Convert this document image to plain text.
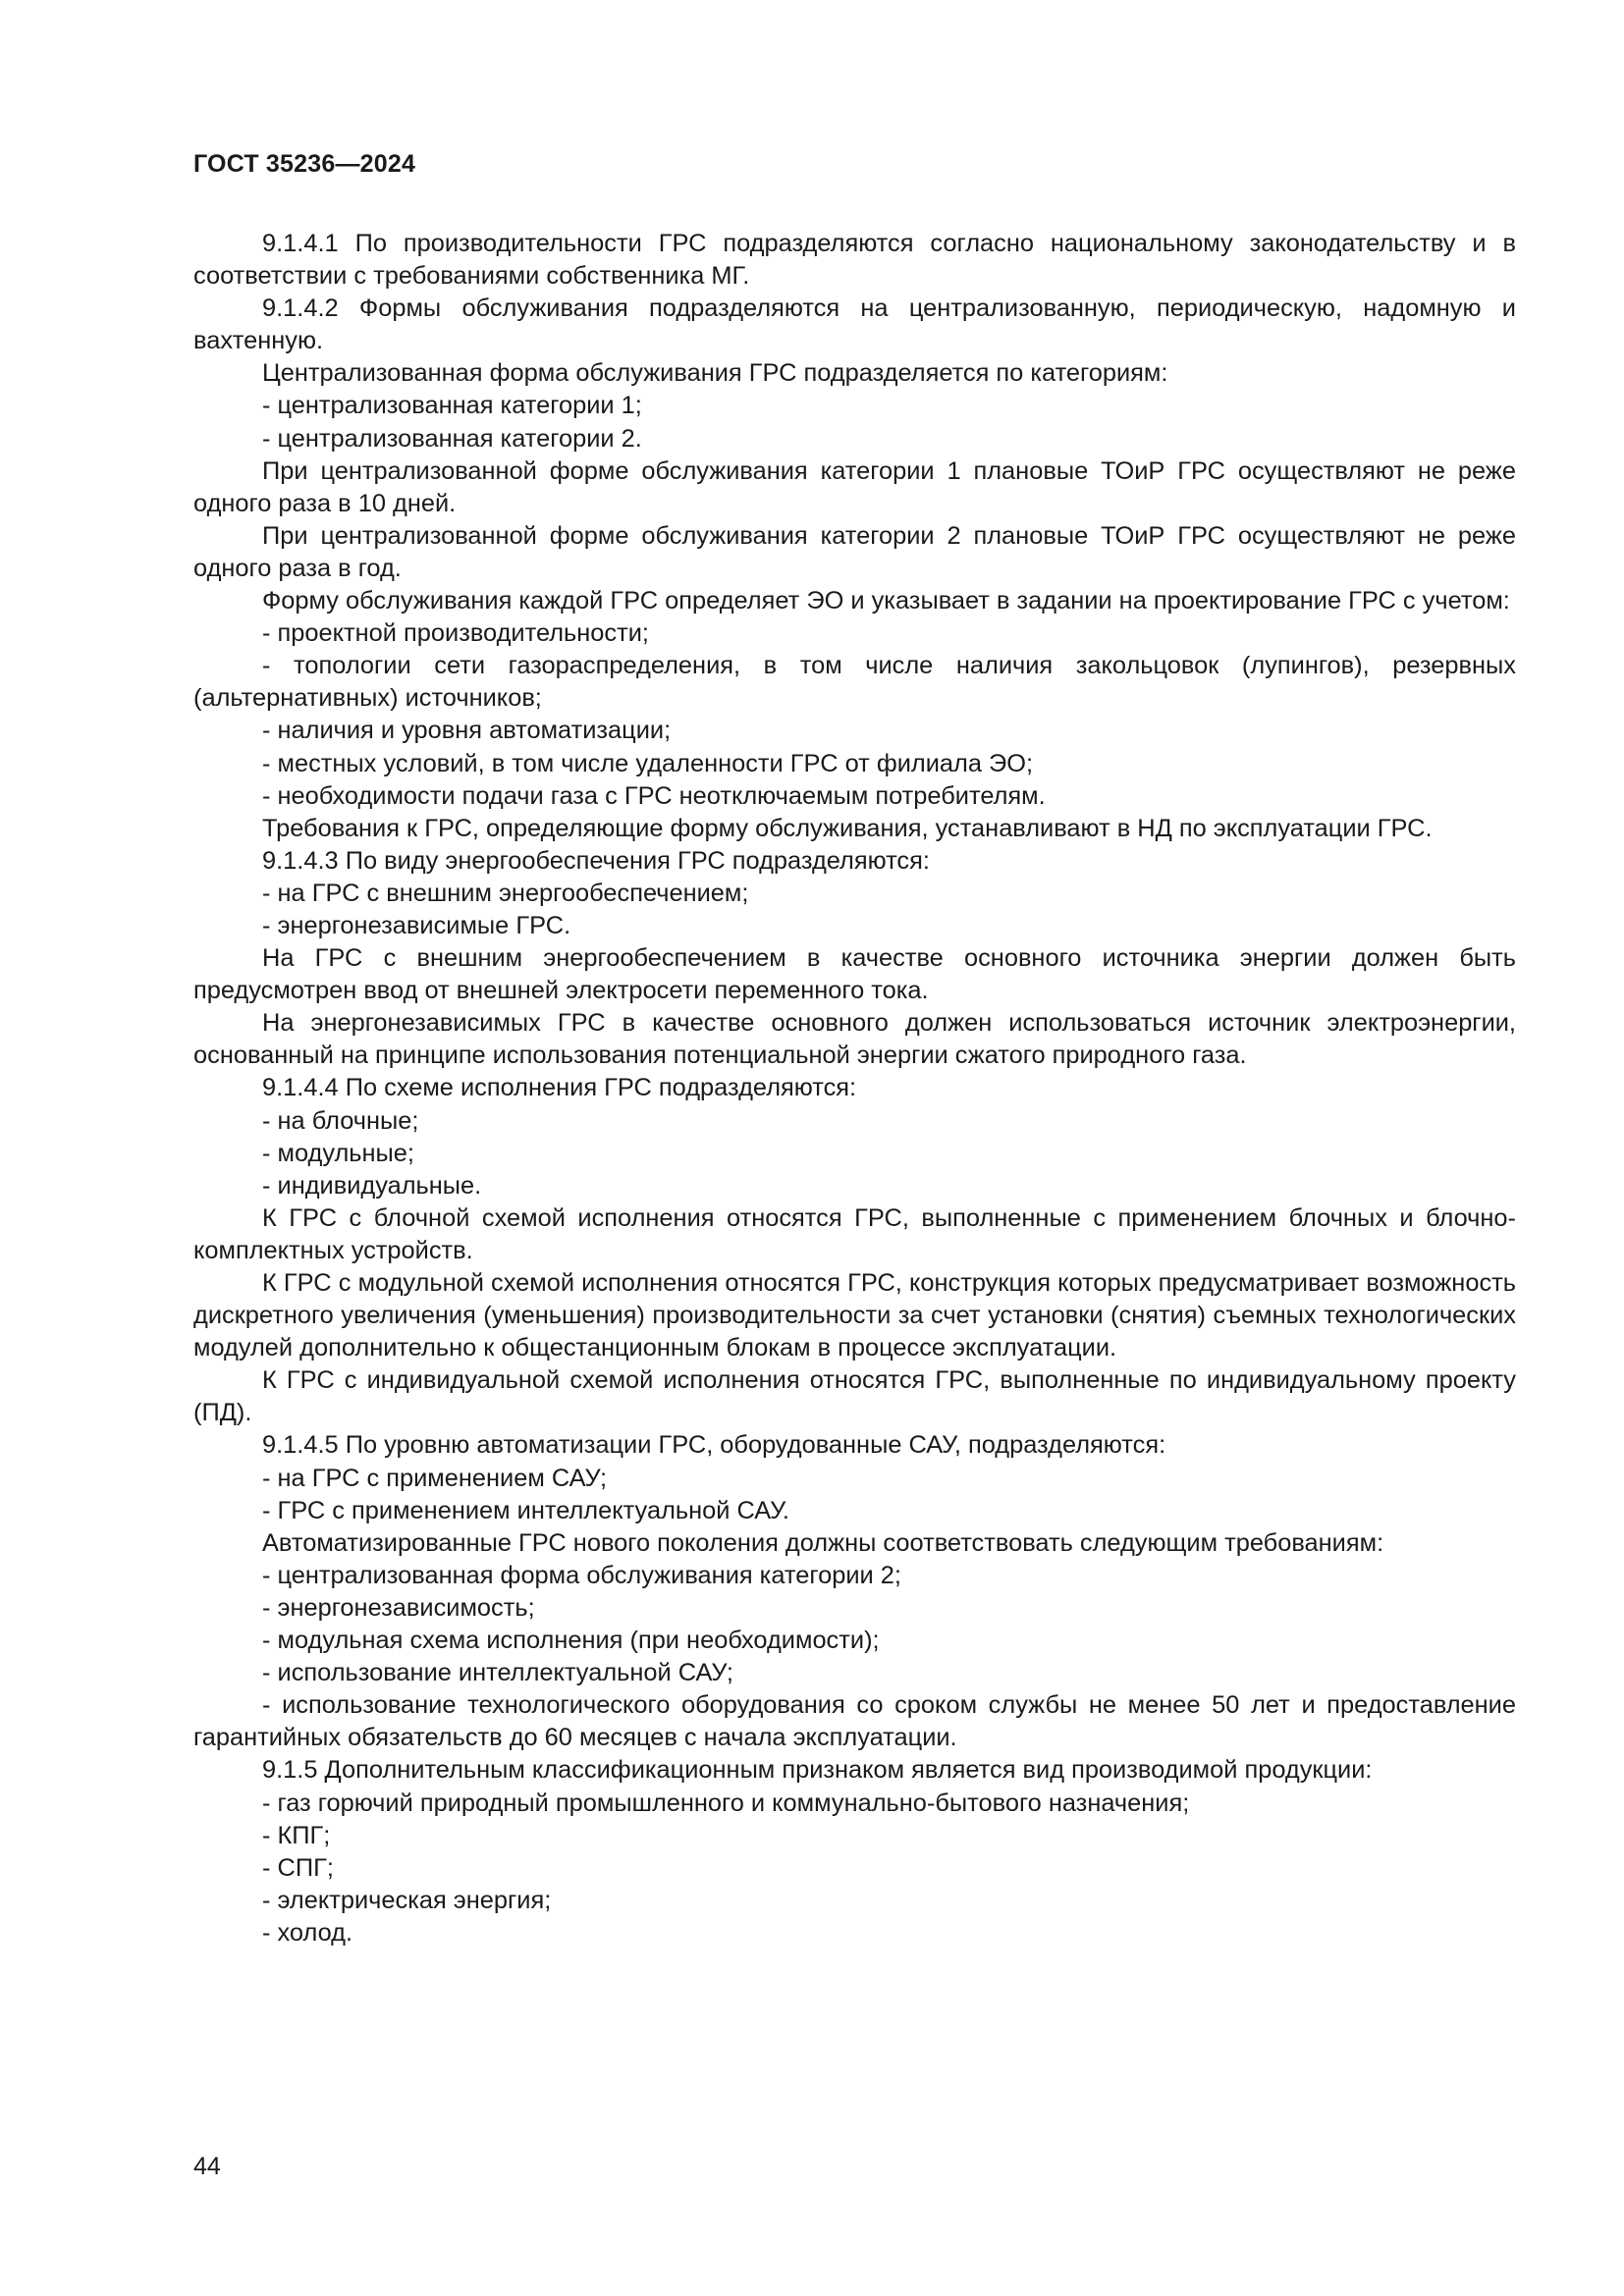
ГОСТ 35236—2024

9.1.4.1 По производительности ГРС подразделяются согласно национальному законодательству и в соответствии с требованиями собственника МГ.

9.1.4.2 Формы обслуживания подразделяются на централизованную, периодическую, надомную и вахтенную.

Централизованная форма обслуживания ГРС подразделяется по категориям:

- централизованная категории 1;

- централизованная категории 2.

При централизованной форме обслуживания категории 1 плановые ТОиР ГРС осуществляют не реже одного раза в 10 дней.

При централизованной форме обслуживания категории 2 плановые ТОиР ГРС осуществляют не реже одного раза в год.

Форму обслуживания каждой ГРС определяет ЭО и указывает в задании на проектирование ГРС с учетом:

- проектной производительности;

- топологии сети газораспределения, в том числе наличия закольцовок (лупингов), резервных (альтернативных) источников;

- наличия и уровня автоматизации;

- местных условий, в том числе удаленности ГРС от филиала ЭО;

- необходимости подачи газа с ГРС неотключаемым потребителям.

Требования к ГРС, определяющие форму обслуживания, устанавливают в НД по эксплуатации ГРС.

9.1.4.3 По виду энергообеспечения ГРС подразделяются:

- на ГРС с внешним энергообеспечением;

- энергонезависимые ГРС.

На ГРС с внешним энергообеспечением в качестве основного источника энергии должен быть предусмотрен ввод от внешней электросети переменного тока.

На энергонезависимых ГРС в качестве основного должен использоваться источник электроэнергии, основанный на принципе использования потенциальной энергии сжатого природного газа.

9.1.4.4 По схеме исполнения ГРС подразделяются:

- на блочные;

- модульные;

- индивидуальные.

К ГРС с блочной схемой исполнения относятся ГРС, выполненные с применением блочных и блочно-комплектных устройств.

К ГРС с модульной схемой исполнения относятся ГРС, конструкция которых предусматривает возможность дискретного увеличения (уменьшения) производительности за счет установки (снятия) съемных технологических модулей дополнительно к общестанционным блокам в процессе эксплуатации.

К ГРС с индивидуальной схемой исполнения относятся ГРС, выполненные по индивидуальному проекту (ПД).

9.1.4.5 По уровню автоматизации ГРС, оборудованные САУ, подразделяются:

- на ГРС с применением САУ;

- ГРС с применением интеллектуальной САУ.

Автоматизированные ГРС нового поколения должны соответствовать следующим требованиям:

- централизованная форма обслуживания категории 2;

- энергонезависимость;

- модульная схема исполнения (при необходимости);

- использование интеллектуальной САУ;

- использование технологического оборудования со сроком службы не менее 50 лет и предоставление гарантийных обязательств до 60 месяцев с начала эксплуатации.

9.1.5 Дополнительным классификационным признаком является вид производимой продукции:

- газ горючий природный промышленного и коммунально-бытового назначения;

- КПГ;

- СПГ;

- электрическая энергия;

- холод.

44
